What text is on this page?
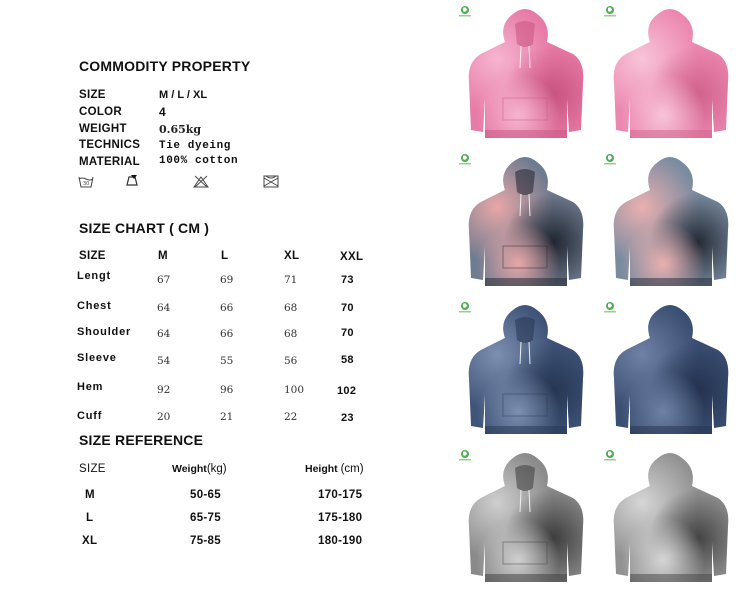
COMMODITY PROPERTY
SIZE	M / L / XL
COLOR	4
WEIGHT	0.65kg
TECHNICS Tie dyeing
MATERIAL 100% cotton
30
SIZE CHART ( CM )
SIZE	M	L	XL	XXL
Lengt	67	69	71	73
Chest	64	66	68	70
Shoulder 64	66	68	70
Sleeve	54	55	56	58
Hem	92	96	100	102
Cuff	20	21	22	23
SIZE REFERENCE
SIZE	Weight(kg)	Height (cm)
M	50-65	170-175
L	65-75	175-180
XL	75-85	180-190
